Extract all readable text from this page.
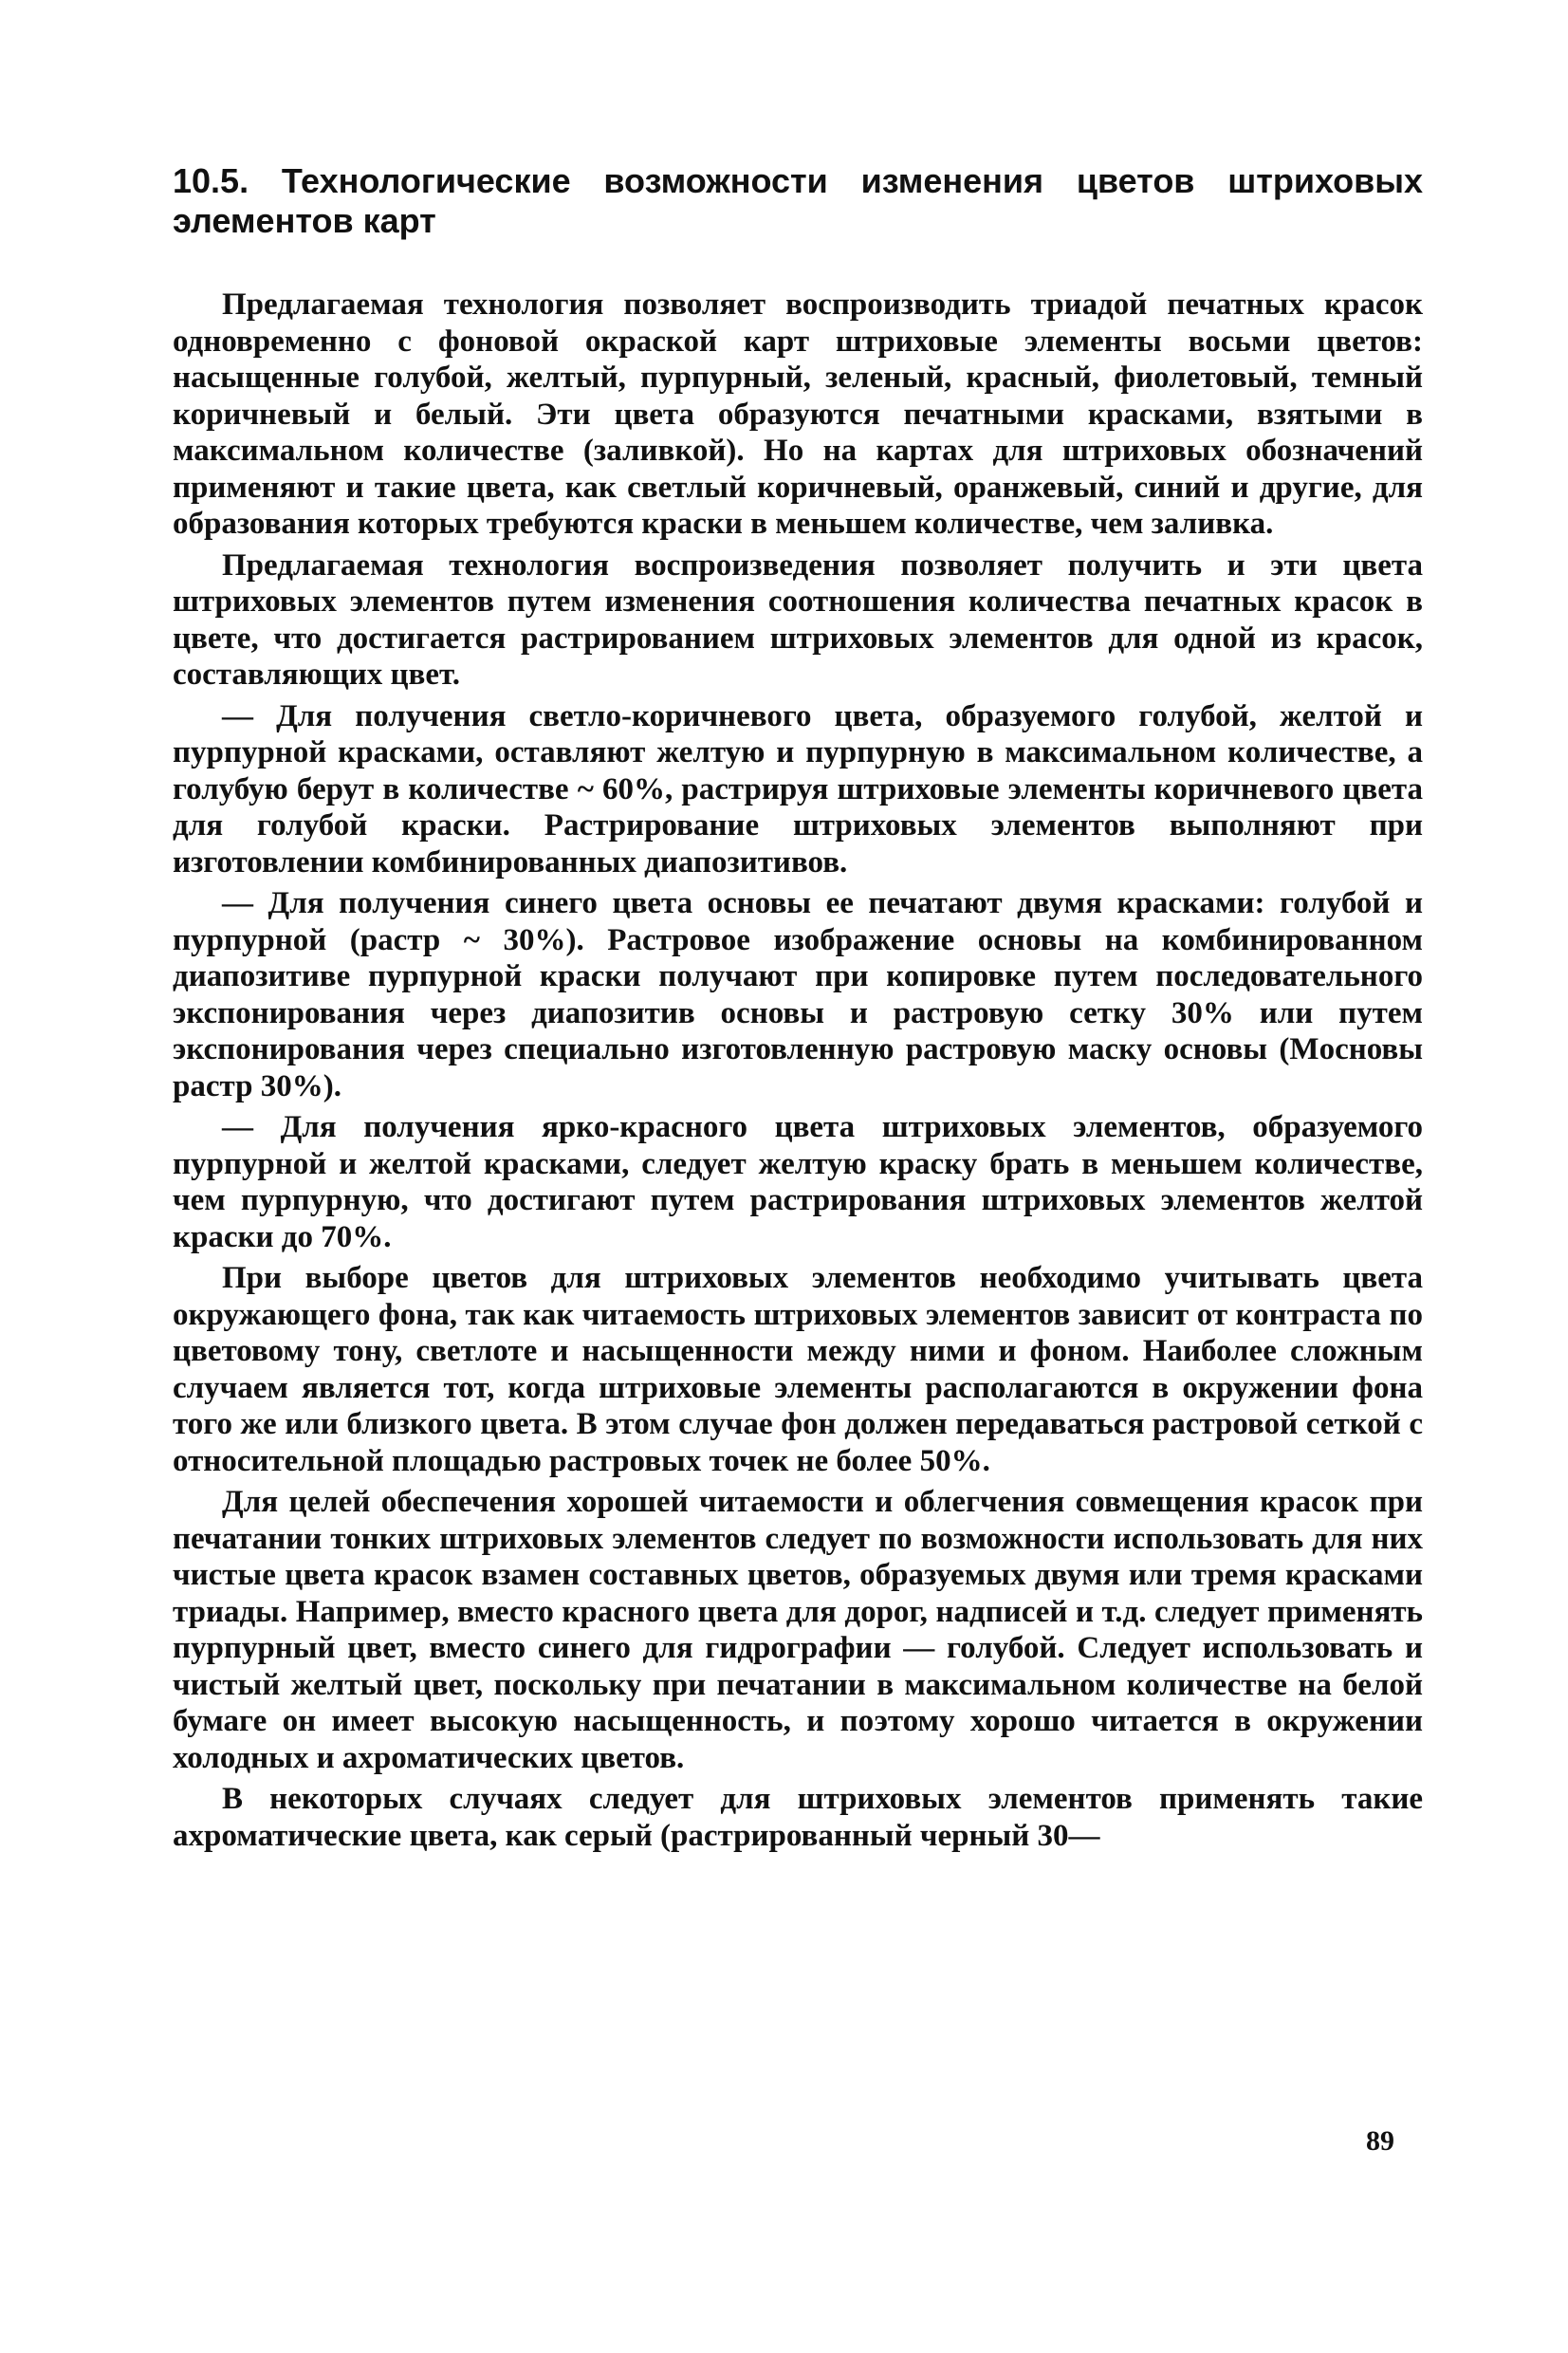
10.5. Технологические возможности изменения цветов штриховых элементов карт

Предлагаемая технология позволяет воспроизводить триадой печатных красок одновременно с фоновой окраской карт штриховые элементы восьми цветов: насыщенные голубой, желтый, пурпурный, зеленый, красный, фиолетовый, темный коричневый и белый. Эти цвета образуются печатными красками, взятыми в максимальном количестве (заливкой). Но на картах для штриховых обозначений применяют и такие цвета, как светлый коричневый, оранжевый, синий и другие, для образования которых требуются краски в меньшем количестве, чем заливка.

Предлагаемая технология воспроизведения позволяет получить и эти цвета штриховых элементов путем изменения соотношения количества печатных красок в цвете, что достигается растрированием штриховых элементов для одной из красок, составляющих цвет.

— Для получения светло-коричневого цвета, образуемого голубой, желтой и пурпурной красками, оставляют желтую и пурпурную в максимальном количестве, а голубую берут в количестве ~ 60%, растрируя штриховые элементы коричневого цвета для голубой краски. Растрирование штриховых элементов выполняют при изготовлении комбинированных диапозитивов.

— Для получения синего цвета основы ее печатают двумя красками: голубой и пурпурной (растр ~ 30%). Растровое изображение основы на комбинированном диапозитиве пурпурной краски получают при копировке путем последовательного экспонирования через диапозитив основы и растровую сетку 30% или путем экспонирования через специально изготовленную растровую маску основы (Mосновы растр 30%).

— Для получения ярко-красного цвета штриховых элементов, образуемого пурпурной и желтой красками, следует желтую краску брать в меньшем количестве, чем пурпурную, что достигают путем растрирования штриховых элементов желтой краски до 70%.

При выборе цветов для штриховых элементов необходимо учитывать цвета окружающего фона, так как читаемость штриховых элементов зависит от контраста по цветовому тону, светлоте и насыщенности между ними и фоном. Наиболее сложным случаем является тот, когда штриховые элементы располагаются в окружении фона того же или близкого цвета. В этом случае фон должен передаваться растровой сеткой с относительной площадью растровых точек не более 50%.

Для целей обеспечения хорошей читаемости и облегчения совмещения красок при печатании тонких штриховых элементов следует по возможности использовать для них чистые цвета красок взамен составных цветов, образуемых двумя или тремя красками триады. Например, вместо красного цвета для дорог, надписей и т.д. следует применять пурпурный цвет, вместо синего для гидрографии — голубой. Следует использовать и чистый желтый цвет, поскольку при печатании в максимальном количестве на белой бумаге он имеет высокую насыщенность, и поэтому хорошо читается в окружении холодных и ахроматических цветов.

В некоторых случаях следует для штриховых элементов применять такие ахроматические цвета, как серый (растрированный черный 30—

89
